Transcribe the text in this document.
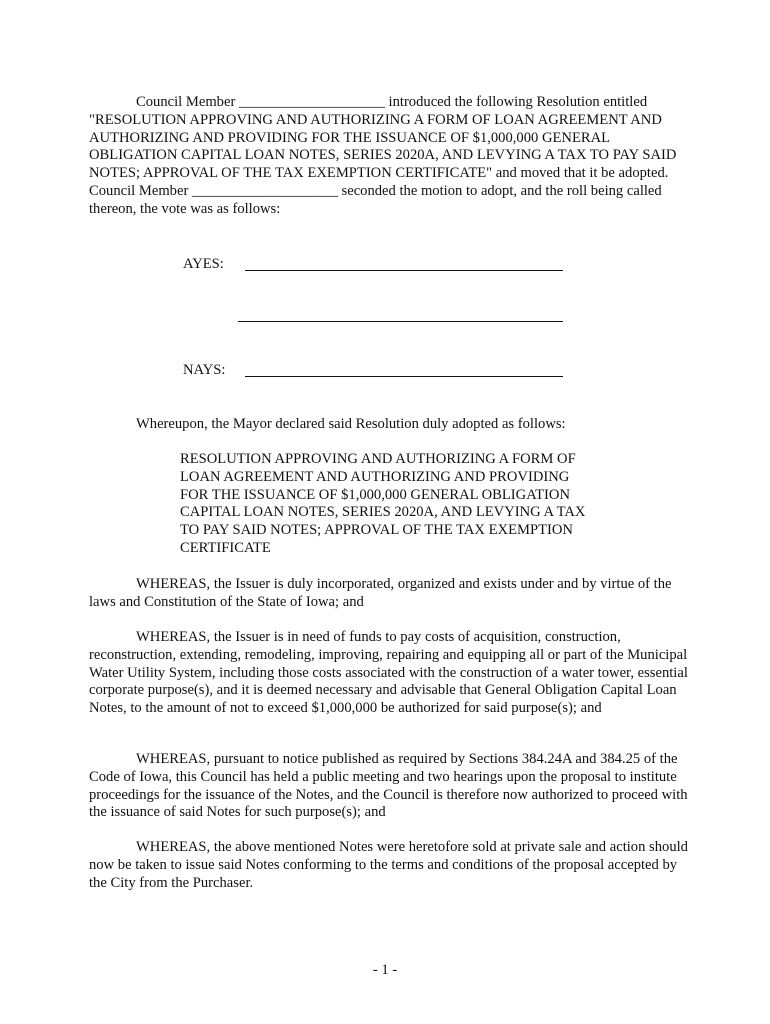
Council Member ____________________ introduced the following Resolution entitled "RESOLUTION APPROVING AND AUTHORIZING A FORM OF LOAN AGREEMENT AND AUTHORIZING AND PROVIDING FOR THE ISSUANCE OF $1,000,000 GENERAL OBLIGATION CAPITAL LOAN NOTES, SERIES 2020A, AND LEVYING A TAX TO PAY SAID NOTES; APPROVAL OF THE TAX EXEMPTION CERTIFICATE" and moved that it be adopted. Council Member ____________________ seconded the motion to adopt, and the roll being called thereon, the vote was as follows:

AYES:
NAYS:

Whereupon, the Mayor declared said Resolution duly adopted as follows:

RESOLUTION APPROVING AND AUTHORIZING A FORM OF LOAN AGREEMENT AND AUTHORIZING AND PROVIDING FOR THE ISSUANCE OF $1,000,000 GENERAL OBLIGATION CAPITAL LOAN NOTES, SERIES 2020A, AND LEVYING A TAX TO PAY SAID NOTES; APPROVAL OF THE TAX EXEMPTION CERTIFICATE

WHEREAS, the Issuer is duly incorporated, organized and exists under and by virtue of the laws and Constitution of the State of Iowa; and

WHEREAS, the Issuer is in need of funds to pay costs of acquisition, construction, reconstruction, extending, remodeling, improving, repairing and equipping all or part of the Municipal Water Utility System, including those costs associated with the construction of a water tower, essential corporate purpose(s), and it is deemed necessary and advisable that General Obligation Capital Loan Notes, to the amount of not to exceed $1,000,000 be authorized for said purpose(s); and

WHEREAS, pursuant to notice published as required by Sections 384.24A and 384.25 of the Code of Iowa, this Council has held a public meeting and two hearings upon the proposal to institute proceedings for the issuance of the Notes, and the Council is therefore now authorized to proceed with the issuance of said Notes for such purpose(s); and

WHEREAS, the above mentioned Notes were heretofore sold at private sale and action should now be taken to issue said Notes conforming to the terms and conditions of the proposal accepted by the City from the Purchaser.

- 1 -
